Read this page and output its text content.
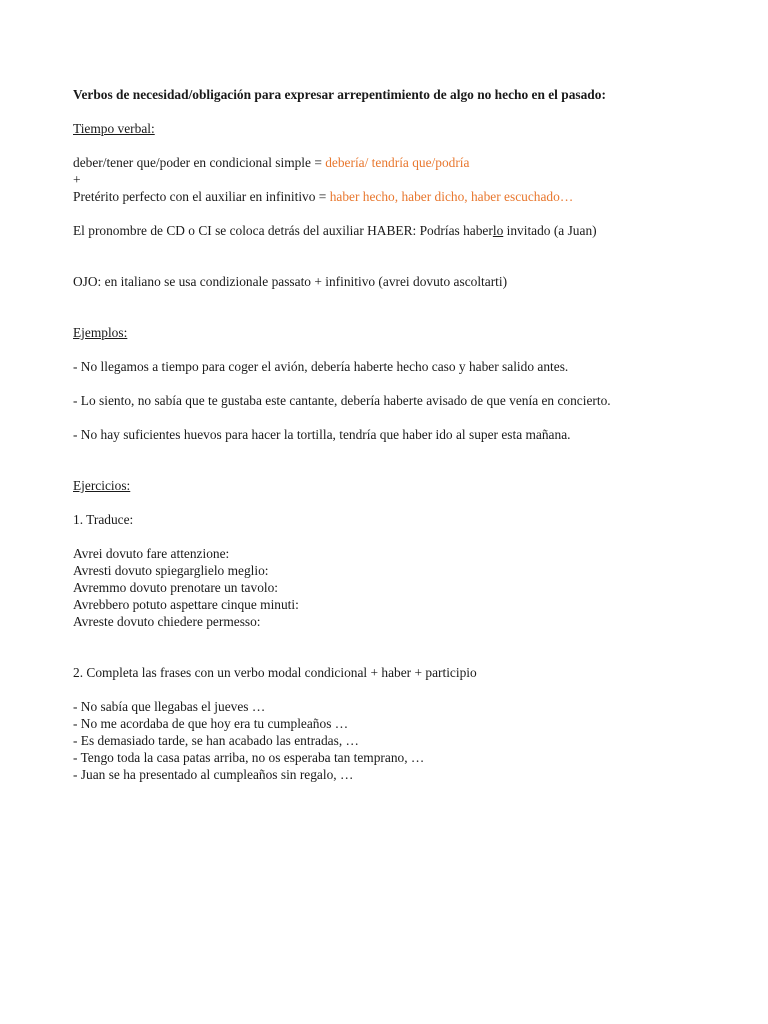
Verbos de necesidad/obligación para expresar arrepentimiento de algo no hecho en el pasado:
Tiempo verbal:
deber/tener que/poder en condicional simple = debería/ tendría que/podría
+
Pretérito perfecto con el auxiliar en infinitivo = haber hecho, haber dicho, haber escuchado…
El pronombre de CD o CI se coloca detrás del auxiliar HABER: Podrías haberlo invitado (a Juan)
OJO: en italiano se usa condizionale passato + infinitivo (avrei dovuto ascoltarti)
Ejemplos:
- No llegamos a tiempo para coger el avión, debería haberte hecho caso y haber salido antes.
- Lo siento, no sabía que te gustaba este cantante, debería haberte avisado de que venía en concierto.
- No hay suficientes huevos para hacer la tortilla, tendría que haber ido al super esta mañana.
Ejercicios:
1. Traduce:
Avrei dovuto fare attenzione:
Avresti dovuto spiegarglielo meglio:
Avremmo dovuto prenotare un tavolo:
Avrebbero potuto aspettare cinque minuti:
Avreste dovuto chiedere permesso:
2. Completa las frases con un verbo modal condicional + haber + participio
- No sabía que llegabas el jueves …
- No me acordaba de que hoy era tu cumpleaños …
- Es demasiado tarde, se han acabado las entradas, …
- Tengo toda la casa patas arriba, no os esperaba tan temprano, …
- Juan se ha presentado al cumpleaños sin regalo, …
